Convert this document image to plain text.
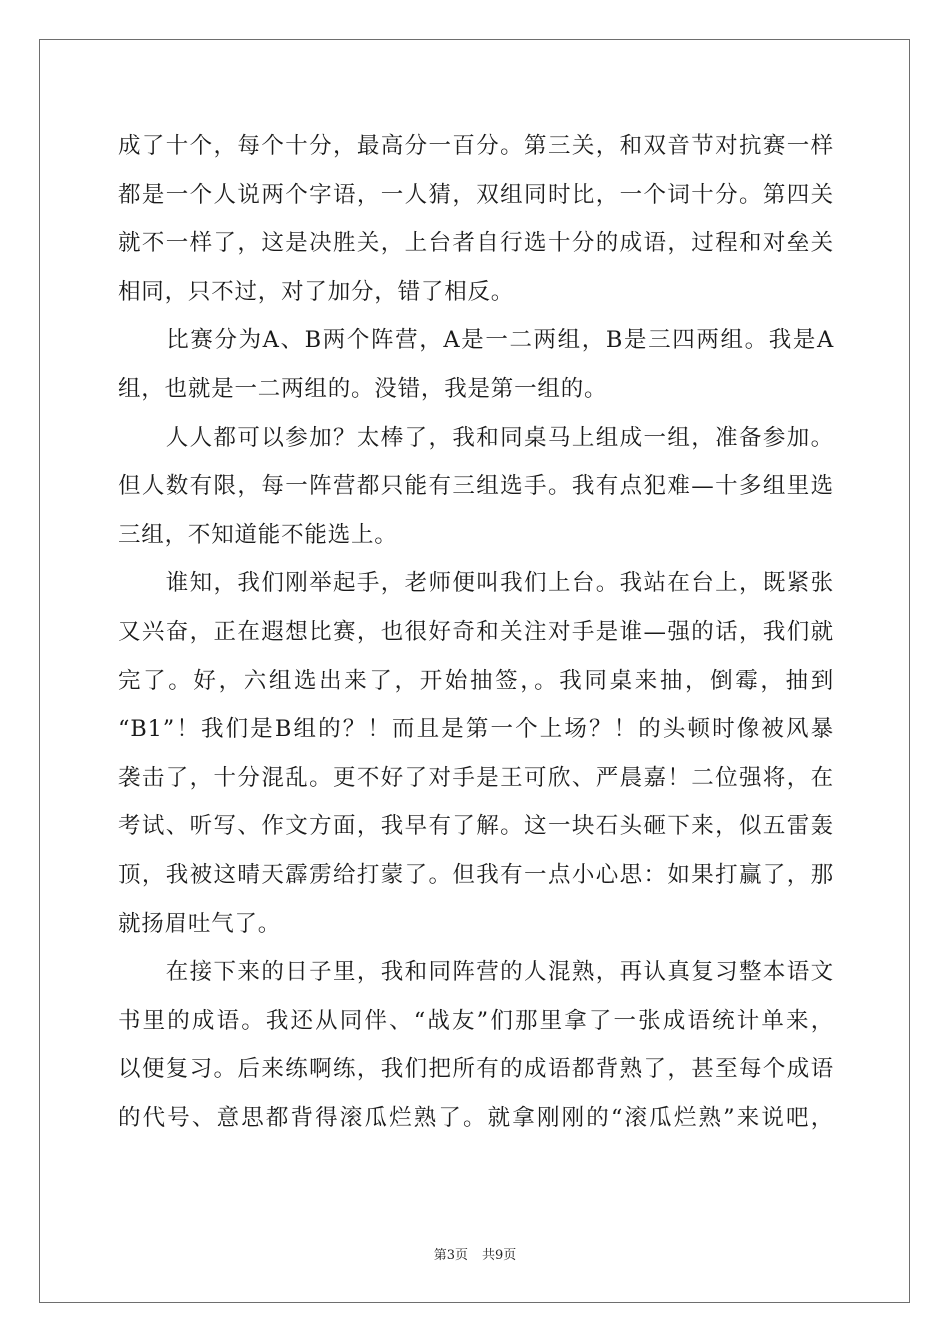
成了十个，每个十分，最高分一百分。第三关，和双音节对抗赛一样
都是一个人说两个字语，一人猜，双组同时比，一个词十分。第四关
就不一样了，这是决胜关，上台者自行选十分的成语，过程和对垒关
相同，只不过，对了加分，错了相反。
　　比赛分为A、B两个阵营，A是一二两组，B是三四两组。我是A
组，也就是一二两组的。没错，我是第一组的。
　　人人都可以参加？太棒了，我和同桌马上组成一组，准备参加。
但人数有限，每一阵营都只能有三组选手。我有点犯难—十多组里选
三组，不知道能不能选上。
　　谁知，我们刚举起手，老师便叫我们上台。我站在台上，既紧张
又兴奋，正在遐想比赛，也很好奇和关注对手是谁—强的话，我们就
完了。好，六组选出来了，开始抽签，。我同桌来抽，倒霉，抽到
“B1”！我们是B组的？！而且是第一个上场？！的头顿时像被风暴
袭击了，十分混乱。更不好了对手是王可欣、严晨嘉！二位强将，在
考试、听写、作文方面，我早有了解。这一块石头砸下来，似五雷轰
顶，我被这晴天霹雳给打蒙了。但我有一点小心思：如果打赢了，那
就扬眉吐气了。
　　在接下来的日子里，我和同阵营的人混熟，再认真复习整本语文
书里的成语。我还从同伴、“战友”们那里拿了一张成语统计单来，
以便复习。后来练啊练，我们把所有的成语都背熟了，甚至每个成语
的代号、意思都背得滚瓜烂熟了。就拿刚刚的“滚瓜烂熟”来说吧，
第3页 共9页
